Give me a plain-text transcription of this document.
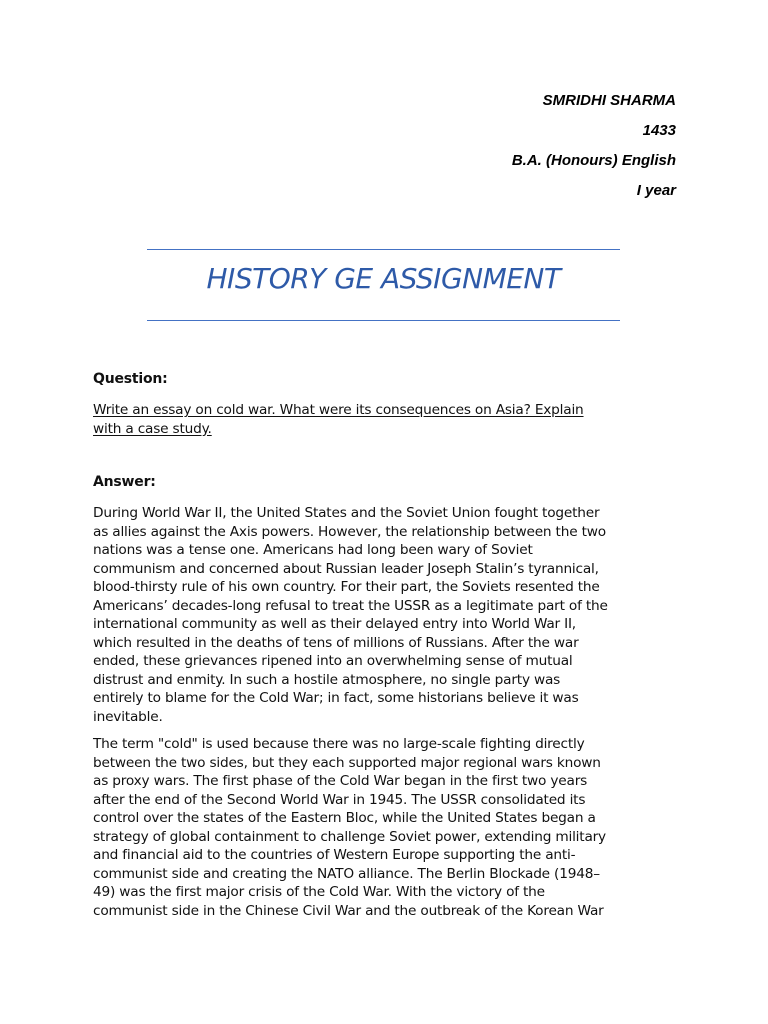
SMRIDHI SHARMA
1433
B.A. (Honours) English
I year
HISTORY GE ASSIGNMENT
Question:
Write an essay on cold war. What were its consequences on Asia? Explain
with a case study.
Answer:
During World War II, the United States and the Soviet Union fought together
as allies against the Axis powers. However, the relationship between the two
nations was a tense one. Americans had long been wary of Soviet
communism and concerned about Russian leader Joseph Stalin’s tyrannical,
blood-thirsty rule of his own country. For their part, the Soviets resented the
Americans’ decades-long refusal to treat the USSR as a legitimate part of the
international community as well as their delayed entry into World War II,
which resulted in the deaths of tens of millions of Russians. After the war
ended, these grievances ripened into an overwhelming sense of mutual
distrust and enmity. In such a hostile atmosphere, no single party was
entirely to blame for the Cold War; in fact, some historians believe it was
inevitable.
The term "cold" is used because there was no large-scale fighting directly
between the two sides, but they each supported major regional wars known
as proxy wars. The first phase of the Cold War began in the first two years
after the end of the Second World War in 1945. The USSR consolidated its
control over the states of the Eastern Bloc, while the United States began a
strategy of global containment to challenge Soviet power, extending military
and financial aid to the countries of Western Europe supporting the anti-
communist side and creating the NATO alliance. The Berlin Blockade (1948–
49) was the first major crisis of the Cold War. With the victory of the
communist side in the Chinese Civil War and the outbreak of the Korean War
